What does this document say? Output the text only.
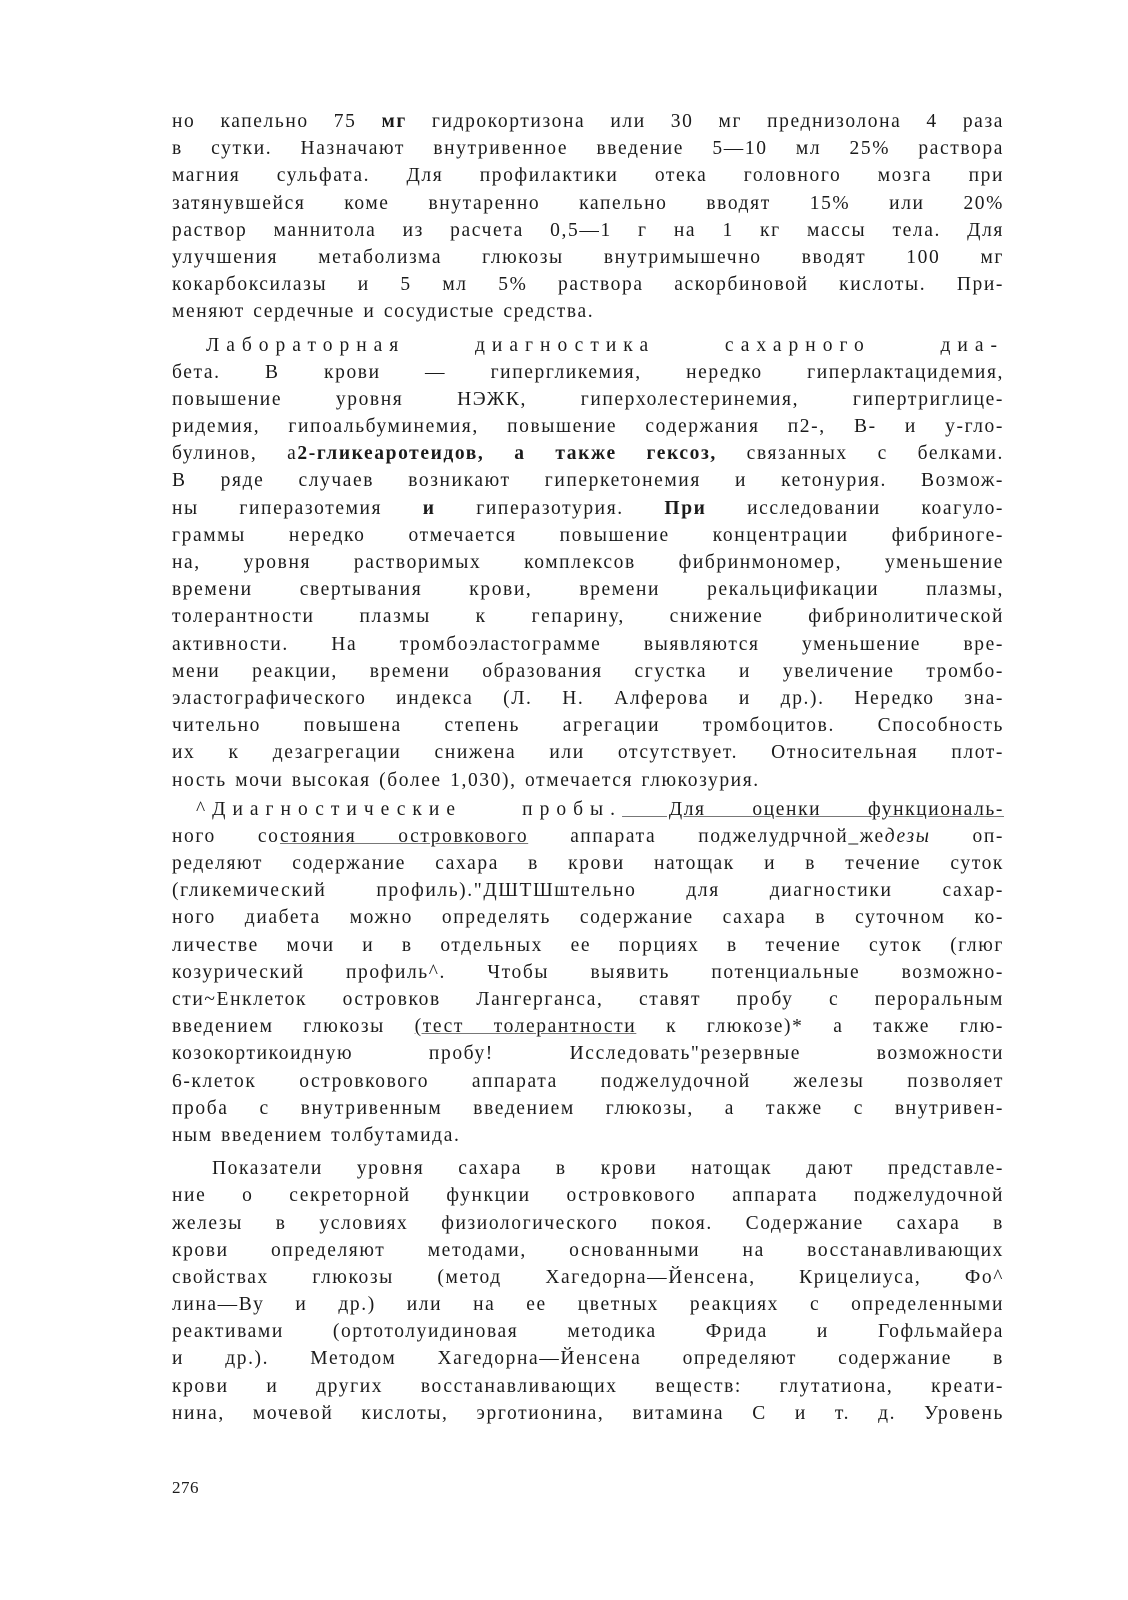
но капельно 75 мг гидрокортизона или 30 мг преднизолона 4 раза
в сутки. Назначают внутривенное введение 5—10 мл 25% раствора
магния сульфата. Для профилактики отека головного мозга при
затянувшейся коме внутаренно капельно вводят 15% или 20%
раствор маннитола из расчета 0,5—1 г на 1 кг массы тела. Для
улучшения метаболизма глюкозы внутримышечно вводят 100 мг
кокарбоксилазы и 5 мл 5% раствора аскорбиновой кислоты. При-
меняют сердечные и сосудистые средства.
Лабораторная диагностика сахарного диа-
бета. В крови — гипергликемия, нередко гиперлактацидемия,
повышение уровня НЭЖК, гиперхолестеринемия, гипертриглице-
ридемия, гипоальбуминемия, повышение содержания п2-, В- и у-гло-
булинов, а2-гликеаротеидов, а также гексоз, связанных с белками.
В ряде случаев возникают гиперкетонемия и кетонурия. Возмож-
ны гиперазотемия и гиперазотурия. При исследовании коагуло-
граммы нередко отмечается повышение концентрации фибриноге-
на, уровня растворимых комплексов фибринмономер, уменьшение
времени свертывания крови, времени рекальцификации плазмы,
толерантности плазмы к гепарину, снижение фибринолитической
активности. На тромбоэластограмме выявляются уменьшение вре-
мени реакции, времени образования сгустка и увеличение тромбо-
эластографического индекса (Л. Н. Алферова и др.). Нередко зна-
чительно повышена степень агрегации тромбоцитов. Способность
их к дезагрегации снижена или отсутствует. Относительная плот-
ность мочи высокая (более 1,030), отмечается глюкозурия.
^Диагностические пробы. Для оценки функциональ-
ного состояния островкового аппарата поджелудрчной_жедезы оп-
ределяют содержание сахара в крови натощак и в течение суток
(гликемический профиль)."ДШТШштельно для диагностики сахар-
ного диабета можно определять содержание сахара в суточном ко-
личестве мочи и в отдельных ее порциях в течение суток (глюг
козурический профиль^. Чтобы выявить потенциальные возможно-
сти~Енклеток островков Лангерганса, ставят пробу с пероральным
введением глюкозы (тест толерантности к глюкозе)* а также глю-
козокортикоидную пробу! Исследовать"резервные возможности
6-клеток островкового аппарата поджелудочной железы позволяет
проба с внутривенным введением глюкозы, а также с внутривен-
ным введением толбутамида.
Показатели уровня сахара в крови натощак дают представле-
ние о секреторной функции островкового аппарата поджелудочной
железы в условиях физиологического покоя. Содержание сахара в
крови определяют методами, основанными на восстанавливающих
свойствах глюкозы (метод Хагедорна—Йенсена, Крицелиуса, Фо^
лина—Ву и др.) или на ее цветных реакциях с определенными
реактивами (ортотолуидиновая методика Фрида и Гофльмайера
и др.). Методом Хагедорна—Йенсена определяют содержание в
крови и других восстанавливающих веществ: глутатиона, креати-
нина, мочевой кислоты, эрготионина, витамина С и т. д. Уровень
276
